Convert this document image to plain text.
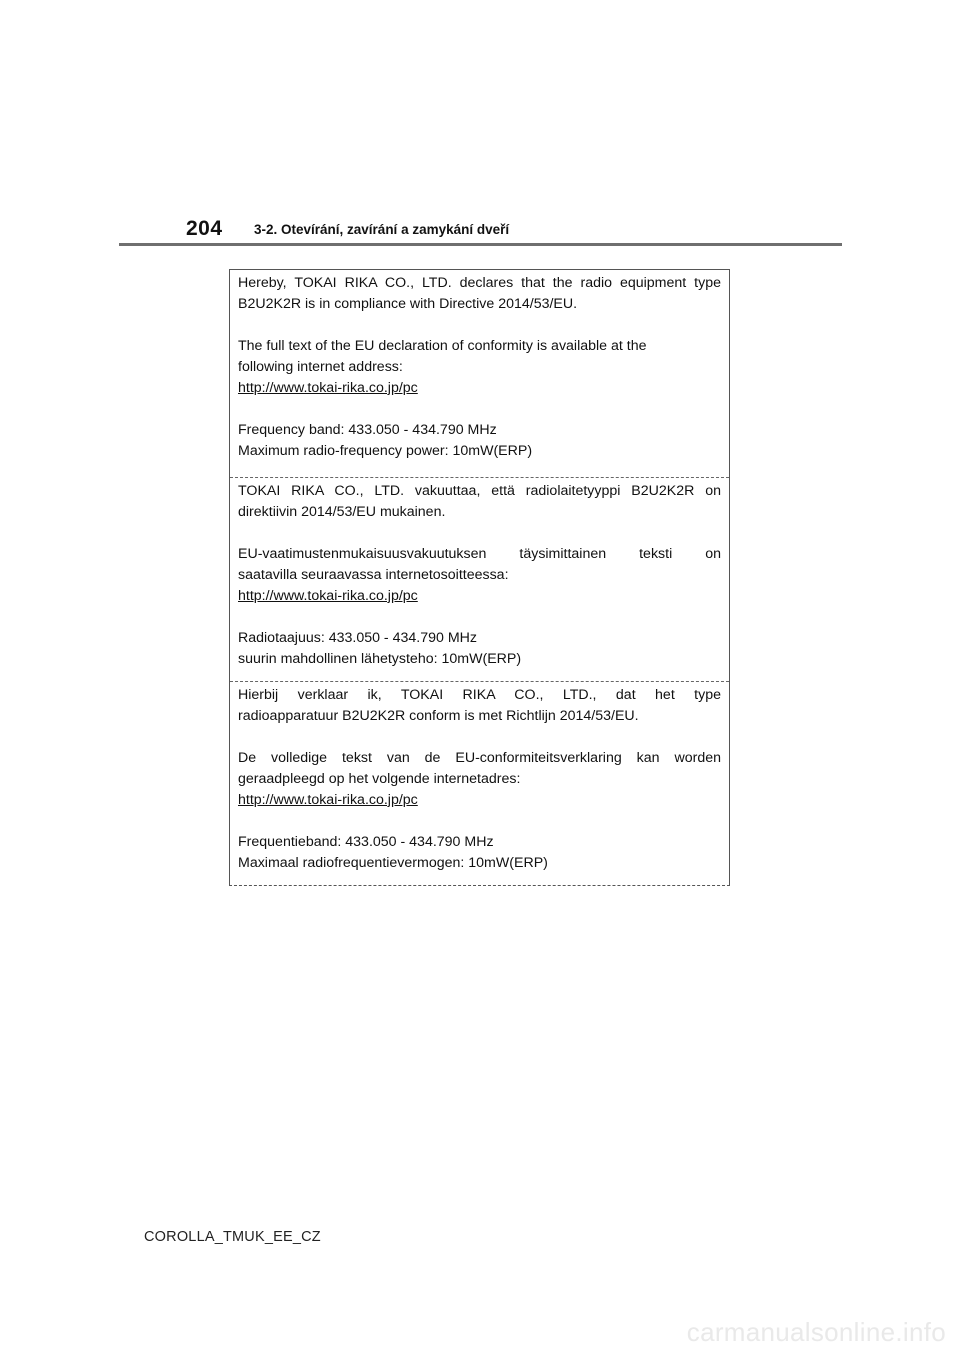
204	3-2. Otevírání, zavírání a zamykání dveří

Hereby, TOKAI RIKA CO., LTD. declares that the radio equipment type

B2U2K2R is in compliance with Directive 2014/53/EU.

The full text of the EU declaration of conformity is available at the

following internet address:

http://www.tokai-rika.co.jp/pc

Frequency band: 433.050 - 434.790 MHz

Maximum radio-frequency power: 10mW(ERP)

TOKAI RIKA CO., LTD. vakuuttaa, että radiolaitetyyppi B2U2K2R on

direktiivin 2014/53/EU mukainen.

EU-vaatimustenmukaisuusvakuutuksen täysimittainen teksti on

saatavilla seuraavassa internetosoitteessa:

http://www.tokai-rika.co.jp/pc

Radiotaajuus: 433.050 - 434.790 MHz

suurin mahdollinen lähetysteho: 10mW(ERP)

Hierbij verklaar ik, TOKAI RIKA CO., LTD., dat het type

radioapparatuur B2U2K2R conform is met Richtlijn 2014/53/EU.

De volledige tekst van de EU-conformiteitsverklaring kan worden

geraadpleegd op het volgende internetadres:

http://www.tokai-rika.co.jp/pc

Frequentieband: 433.050 - 434.790 MHz

Maximaal radiofrequentievermogen: 10mW(ERP)

COROLLA_TMUK_EE_CZ
carmanualsonline.info
